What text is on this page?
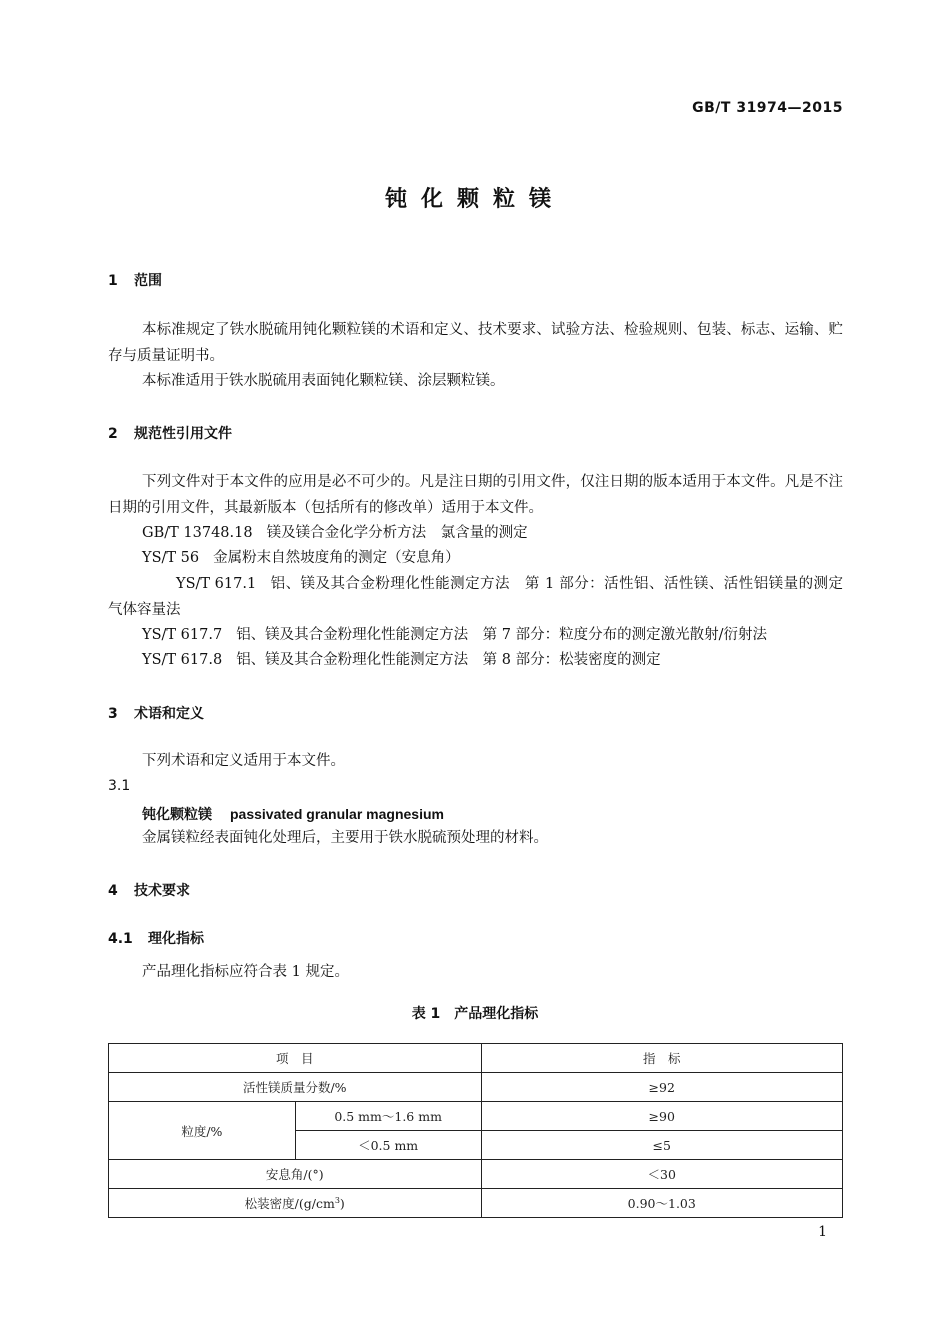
GB/T 31974—2015
钝化颗粒镁
1 范围
本标准规定了铁水脱硫用钝化颗粒镁的术语和定义、技术要求、试验方法、检验规则、包装、标志、运输、贮存与质量证明书。
本标准适用于铁水脱硫用表面钝化颗粒镁、涂层颗粒镁。
2 规范性引用文件
下列文件对于本文件的应用是必不可少的。凡是注日期的引用文件，仅注日期的版本适用于本文件。凡是不注日期的引用文件，其最新版本（包括所有的修改单）适用于本文件。
GB/T 13748.18 镁及镁合金化学分析方法　氯含量的测定
YS/T 56 金属粉末自然坡度角的测定（安息角）
YS/T 617.1 铝、镁及其合金粉理化性能测定方法　第 1 部分：活性铝、活性镁、活性铝镁量的测定　气体容量法
YS/T 617.7 铝、镁及其合金粉理化性能测定方法　第 7 部分：粒度分布的测定激光散射/衍射法
YS/T 617.8 铝、镁及其合金粉理化性能测定方法　第 8 部分：松装密度的测定
3 术语和定义
下列术语和定义适用于本文件。
3.1
钝化颗粒镁 passivated granular magnesium
金属镁粒经表面钝化处理后，主要用于铁水脱硫预处理的材料。
4 技术要求
4.1 理化指标
产品理化指标应符合表 1 规定。
表 1　产品理化指标
项　目		指　标
活性镁质量分数/%		≥92
粒度/%	0.5 mm～1.6 mm	≥90
	＜0.5 mm	≤5
安息角/(°)		＜30
松装密度$/(g/cm^3)$		0.90～1.03
1
